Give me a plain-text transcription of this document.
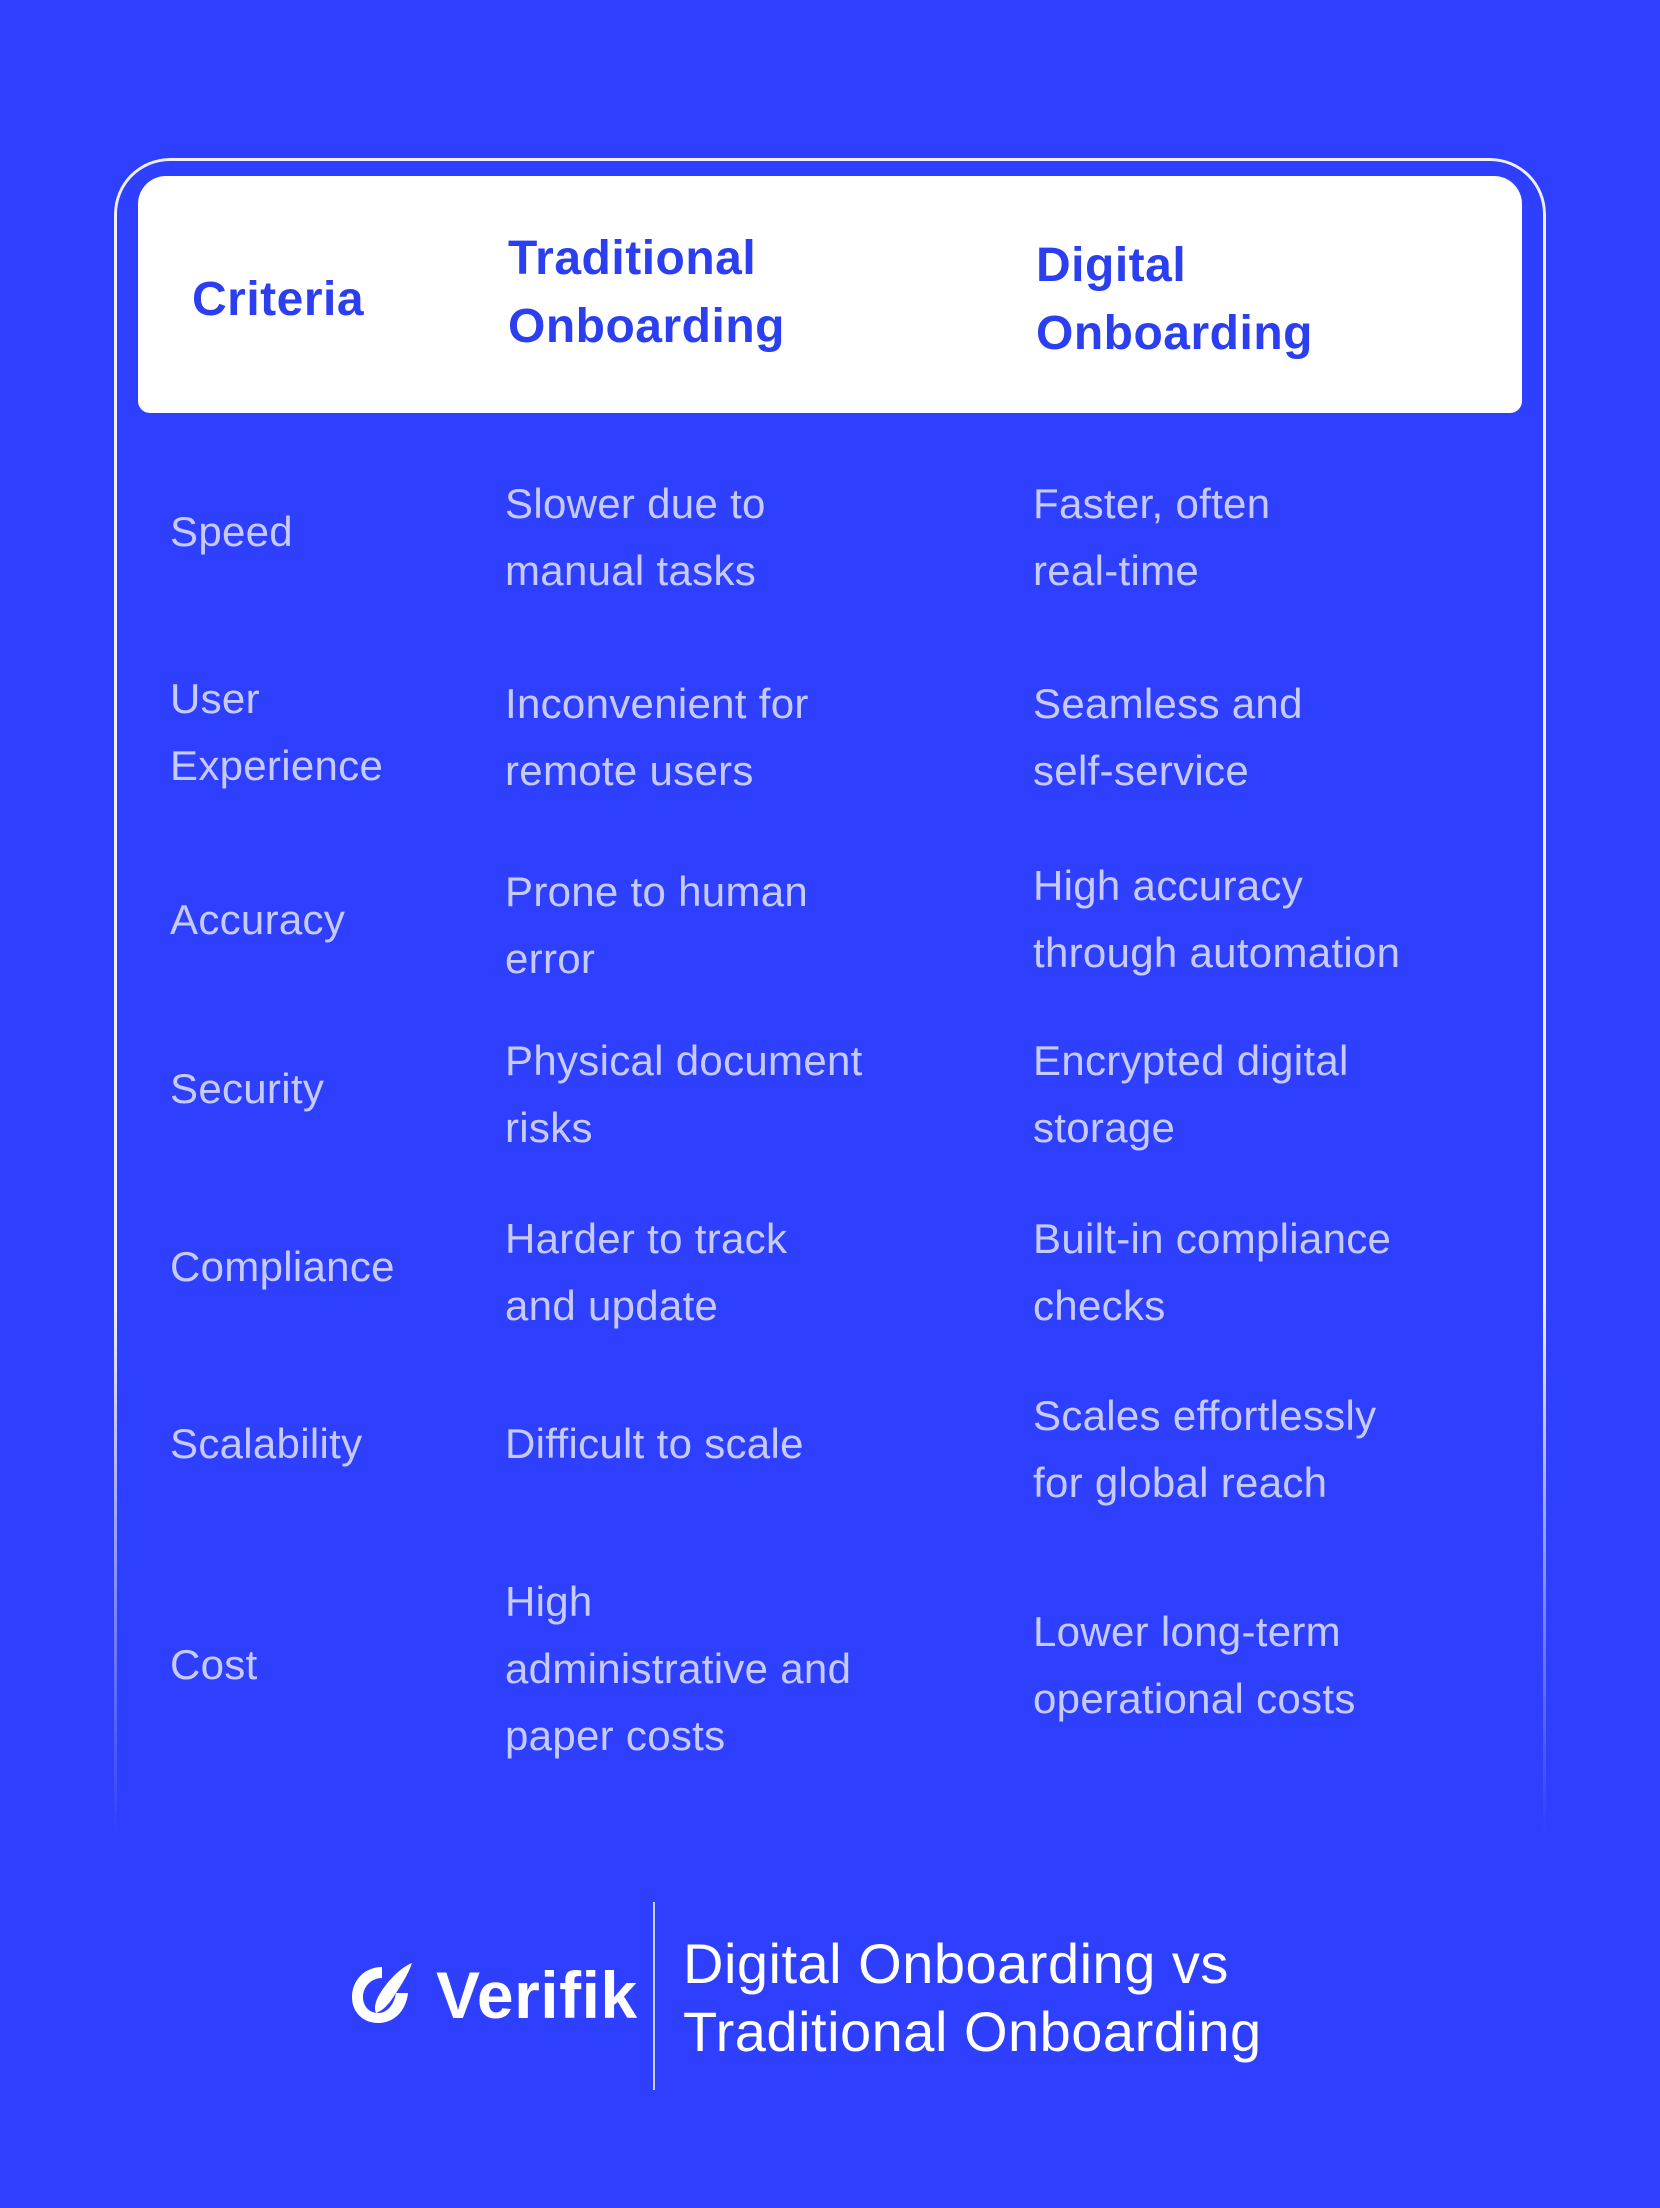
Criteria
Traditional
Onboarding
Digital
Onboarding
Speed
Slower due to
manual tasks
Faster, often
real-time
User
Experience
Inconvenient for
remote users
Seamless and
self-service
Accuracy
Prone to human
error
High accuracy
through automation
Security
Physical document
risks
Encrypted digital
storage
Compliance
Harder to track
and update
Built-in compliance
checks
Scalability	Difficult to scale
Scales effortlessly
for global reach
Cost
High
administrative and
paper costs
Lower long-term
operational costs
Verifik Digital Onboarding vs
Traditional Onboarding
